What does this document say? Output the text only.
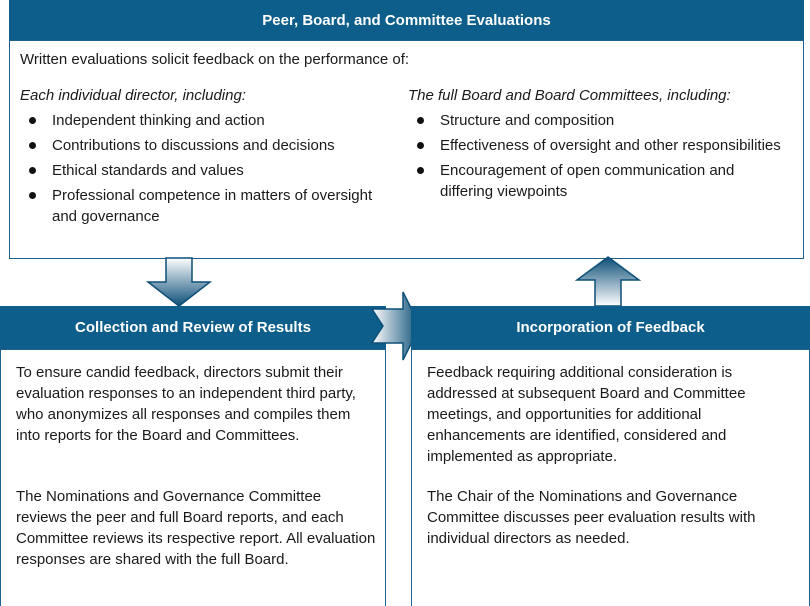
Peer, Board, and Committee Evaluations
Written evaluations solicit feedback on the performance of:
Each individual director, including:
Independent thinking and action
Contributions to discussions and decisions
Ethical standards and values
Professional competence in matters of oversight and governance
The full Board and Board Committees, including:
Structure and composition
Effectiveness of oversight and other responsibilities
Encouragement of open communication and differing viewpoints
Collection and Review of Results
To ensure candid feedback, directors submit their evaluation responses to an independent third party, who anonymizes all responses and compiles them into reports for the Board and Committees.
The Nominations and Governance Committee reviews the peer and full Board reports, and each Committee reviews its respective report. All evaluation responses are shared with the full Board.
Incorporation of Feedback
Feedback requiring additional consideration is addressed at subsequent Board and Committee meetings, and opportunities for additional enhancements are identified, considered and implemented as appropriate.
The Chair of the Nominations and Governance Committee discusses peer evaluation results with individual directors as needed.
